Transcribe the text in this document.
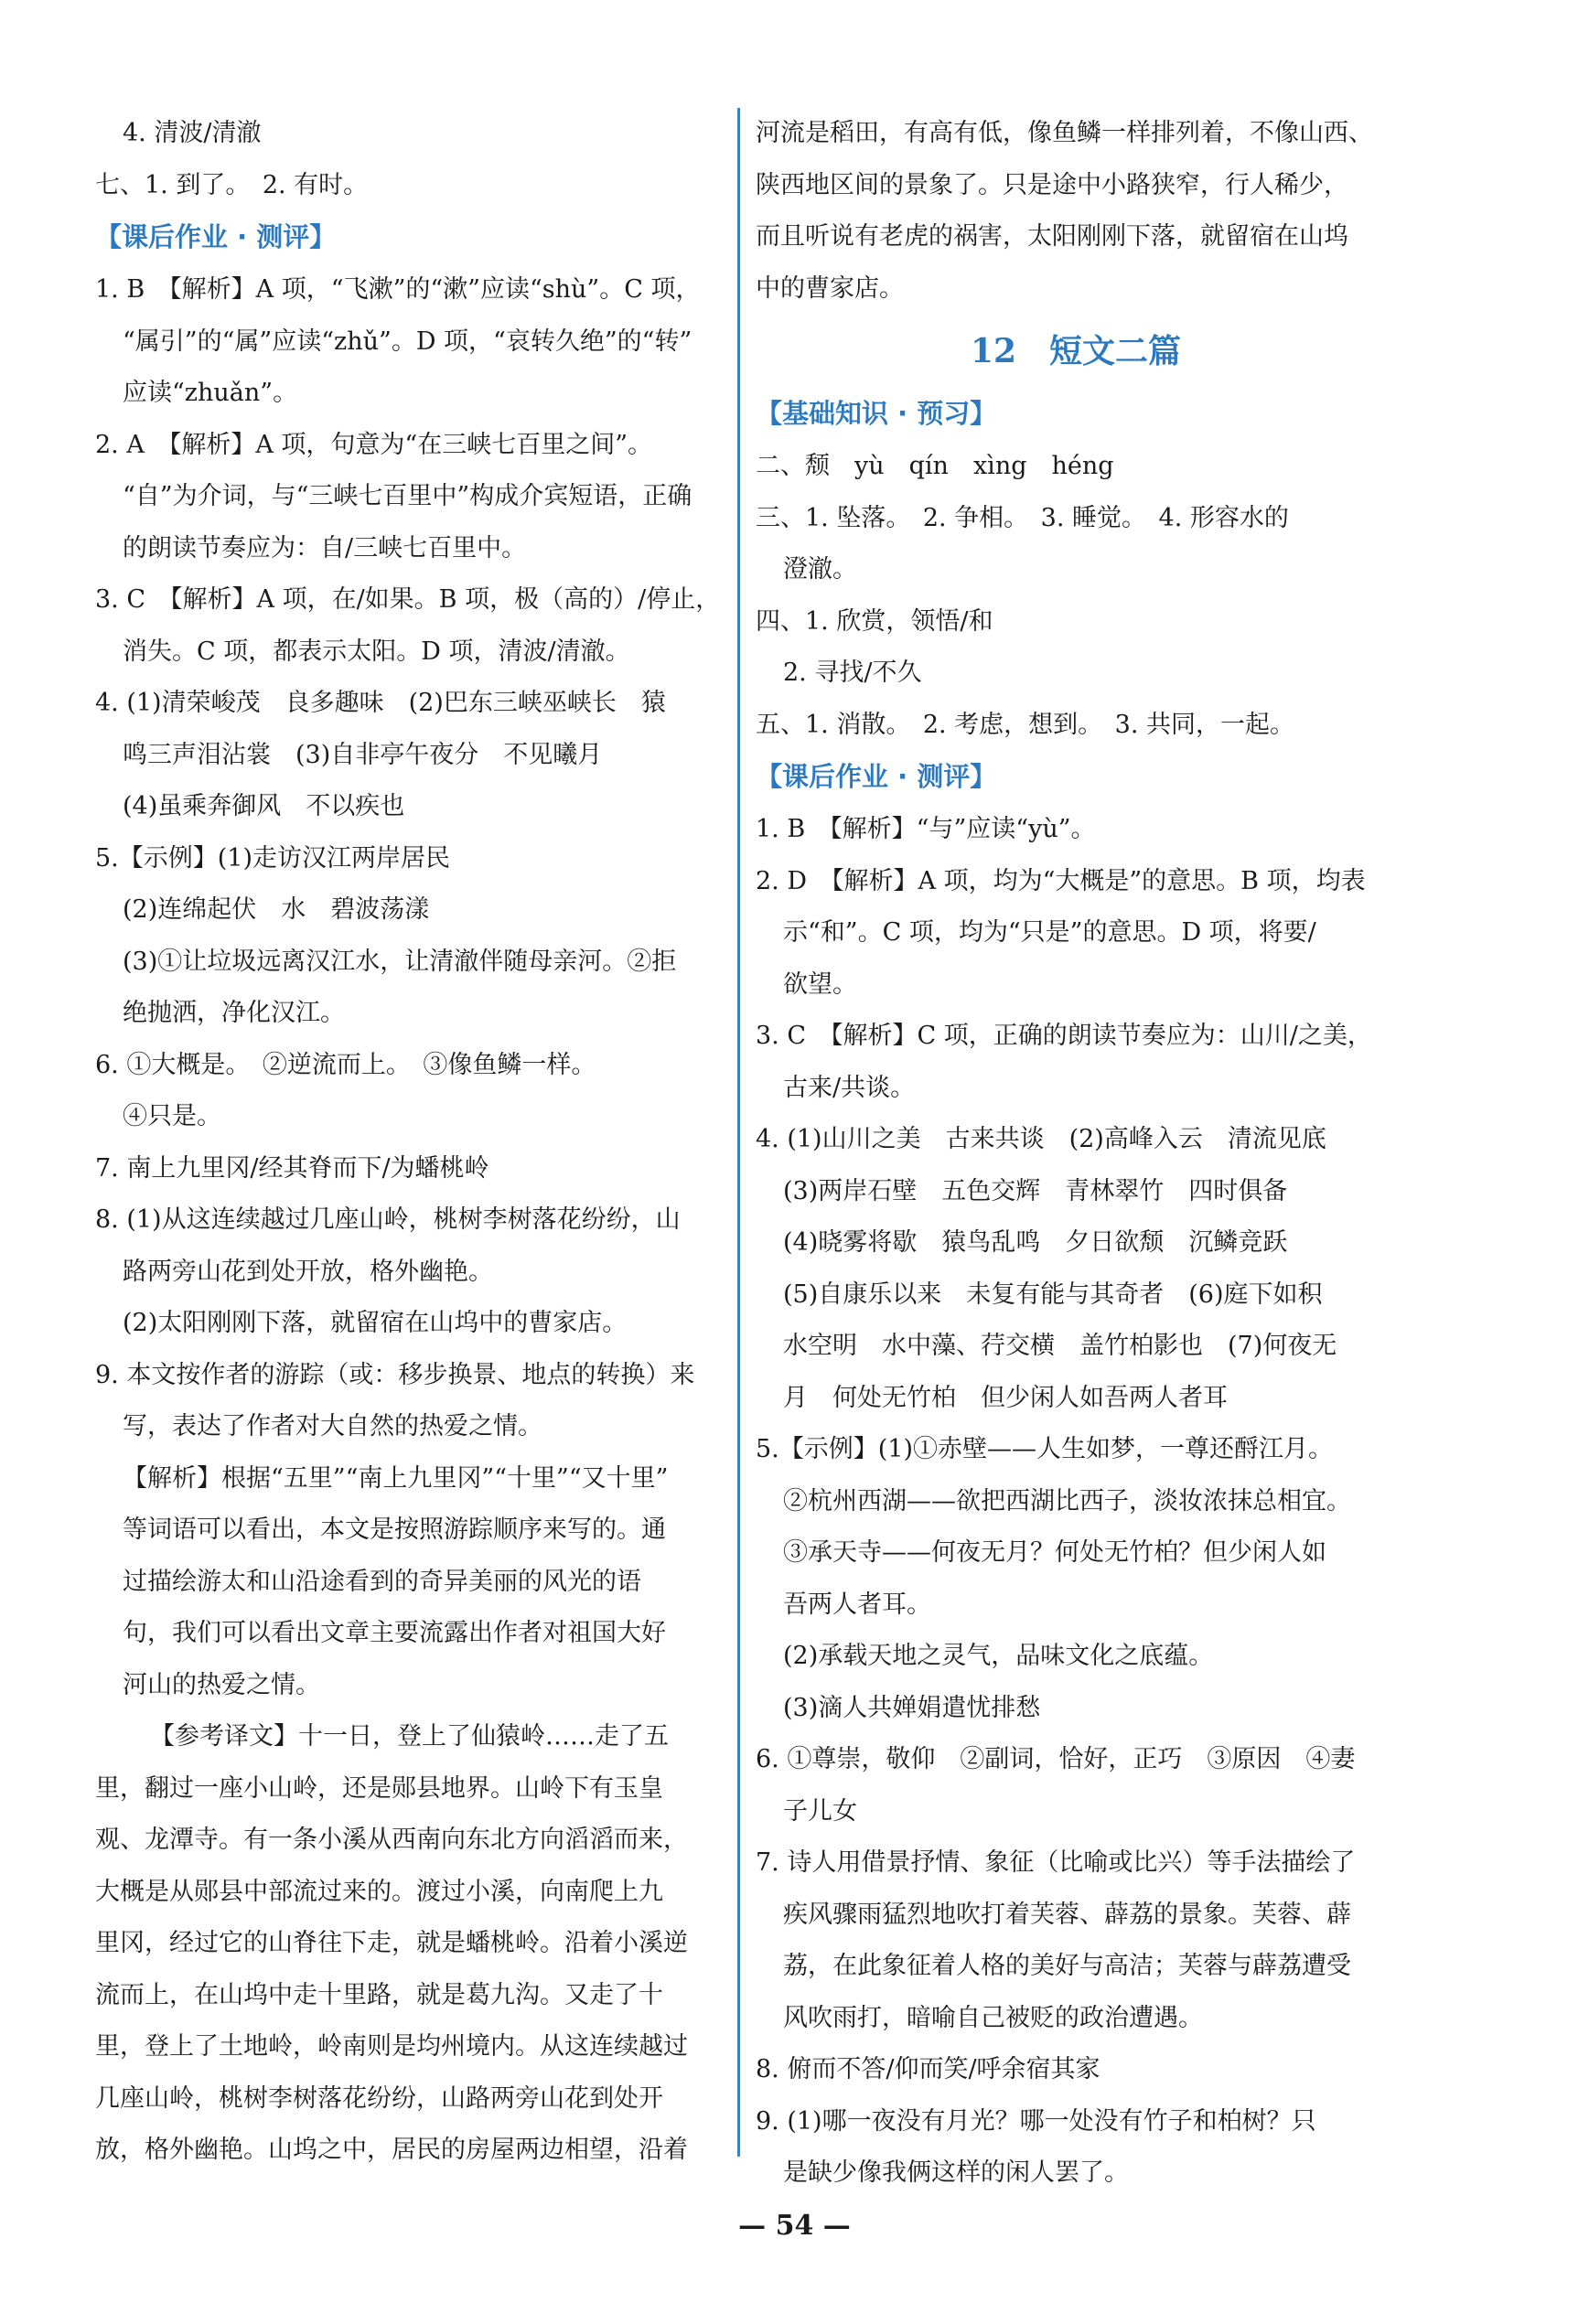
4. 清波/清澈
七、1. 到了。　2. 有时。
【课后作业 · 测评】
1. B　【解析】A 项，“飞漱”的“漱”应读“shù”。C 项，
“属引”的“属”应读“zhǔ”。D 项，“哀转久绝”的“转”
应读“zhuǎn”。
2. A　【解析】A 项，句意为“在三峡七百里之间”。
“自”为介词，与“三峡七百里中”构成介宾短语，正确
的朗读节奏应为：自/三峡七百里中。
3. C　【解析】A 项，在/如果。B 项，极（高的）/停止，
消失。C 项，都表示太阳。D 项，清波/清澈。
4. (1)清荣峻茂　良多趣味　(2)巴东三峡巫峡长　猿
鸣三声泪沾裳　(3)自非亭午夜分　不见曦月
(4)虽乘奔御风　不以疾也
5.【示例】(1)走访汉江两岸居民
(2)连绵起伏　水　碧波荡漾
(3)①让垃圾远离汉江水，让清澈伴随母亲河。②拒
绝抛洒，净化汉江。
6. ①大概是。　②逆流而上。　③像鱼鳞一样。
④只是。
7. 南上九里冈/经其脊而下/为蟠桃岭
8. (1)从这连续越过几座山岭，桃树李树落花纷纷，山
路两旁山花到处开放，格外幽艳。
(2)太阳刚刚下落，就留宿在山坞中的曹家店。
9. 本文按作者的游踪（或：移步换景、地点的转换）来
写，表达了作者对大自然的热爱之情。
【解析】根据“五里”“南上九里冈”“十里”“又十里”
等词语可以看出，本文是按照游踪顺序来写的。通
过描绘游太和山沿途看到的奇异美丽的风光的语
句，我们可以看出文章主要流露出作者对祖国大好
河山的热爱之情。
【参考译文】十一日，登上了仙猿岭……走了五
里，翻过一座小山岭，还是郧县地界。山岭下有玉皇
观、龙潭寺。有一条小溪从西南向东北方向滔滔而来，
大概是从郧县中部流过来的。渡过小溪，向南爬上九
里冈，经过它的山脊往下走，就是蟠桃岭。沿着小溪逆
流而上，在山坞中走十里路，就是葛九沟。又走了十
里，登上了土地岭，岭南则是均州境内。从这连续越过
几座山岭，桃树李树落花纷纷，山路两旁山花到处开
放，格外幽艳。山坞之中，居民的房屋两边相望，沿着
河流是稻田，有高有低，像鱼鳞一样排列着，不像山西、
陕西地区间的景象了。只是途中小路狭窄，行人稀少，
而且听说有老虎的祸害，太阳刚刚下落，就留宿在山坞
中的曹家店。
12　短文二篇
【基础知识 · 预习】
二、颓　yù　qín　xìng　héng
三、1. 坠落。　2. 争相。　3. 睡觉。　4. 形容水的
澄澈。
四、1. 欣赏，领悟/和
2. 寻找/不久
五、1. 消散。　2. 考虑，想到。　3. 共同，一起。
【课后作业 · 测评】
1. B　【解析】“与”应读“yù”。
2. D　【解析】A 项，均为“大概是”的意思。B 项，均表
示“和”。C 项，均为“只是”的意思。D 项，将要/
欲望。
3. C　【解析】C 项，正确的朗读节奏应为：山川/之美，
古来/共谈。
4. (1)山川之美　古来共谈　(2)高峰入云　清流见底
(3)两岸石壁　五色交辉　青林翠竹　四时俱备
(4)晓雾将歇　猿鸟乱鸣　夕日欲颓　沉鳞竞跃
(5)自康乐以来　未复有能与其奇者　(6)庭下如积
水空明　水中藻、荇交横　盖竹柏影也　(7)何夜无
月　何处无竹柏　但少闲人如吾两人者耳
5.【示例】(1)①赤壁——人生如梦，一尊还酹江月。
②杭州西湖——欲把西湖比西子，淡妆浓抹总相宜。
③承天寺——何夜无月？何处无竹柏？但少闲人如
吾两人者耳。
(2)承载天地之灵气，品味文化之底蕴。
(3)滴人共婵娟遣忧排愁
6. ①尊崇，敬仰　②副词，恰好，正巧　③原因　④妻
子儿女
7. 诗人用借景抒情、象征（比喻或比兴）等手法描绘了
疾风骤雨猛烈地吹打着芙蓉、薜荔的景象。芙蓉、薜
荔，在此象征着人格的美好与高洁；芙蓉与薜荔遭受
风吹雨打，暗喻自己被贬的政治遭遇。
8. 俯而不答/仰而笑/呼余宿其家
9. (1)哪一夜没有月光？哪一处没有竹子和柏树？只
是缺少像我俩这样的闲人罢了。
— 54 —
